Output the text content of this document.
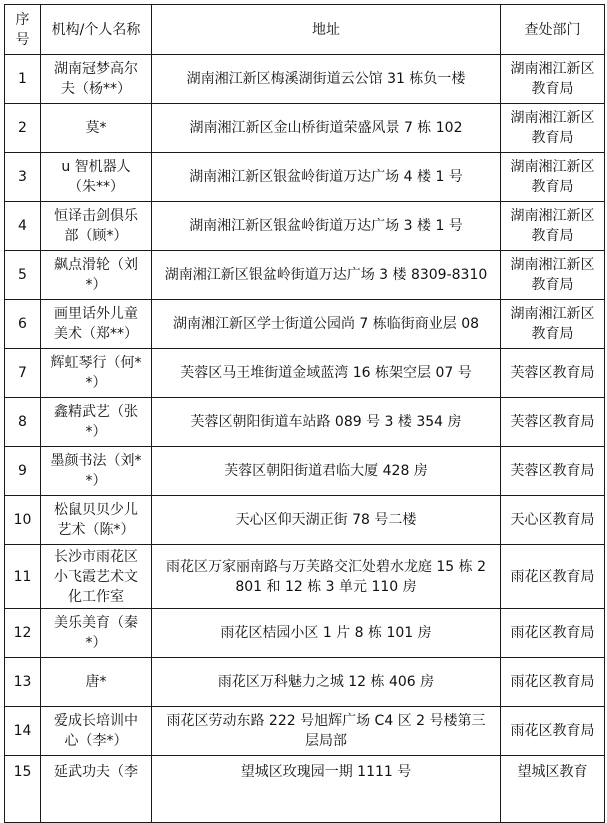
序号	机构/个人名称	地址	查处部门
1	湖南冠梦高尔夫（杨**）	湖南湘江新区梅溪湖街道云公馆 31 栋负一楼	湖南湘江新区教育局
2	莫*	湖南湘江新区金山桥街道荣盛风景 7 栋 102	湖南湘江新区教育局
3	u 智机器人（朱**）	湖南湘江新区银盆岭街道万达广场 4 楼 1 号	湖南湘江新区教育局
4	恒译击剑俱乐部（顾*）	湖南湘江新区银盆岭街道万达广场 3 楼 1 号	湖南湘江新区教育局
5	飙点滑轮（刘*）	湖南湘江新区银盆岭街道万达广场 3 楼 8309-8310	湖南湘江新区教育局
6	画里话外儿童美术（郑**）	湖南湘江新区学士街道公园尚 7 栋临街商业层 08	湖南湘江新区教育局
7	辉虹琴行（何**）	芙蓉区马王堆街道金域蓝湾 16 栋架空层 07 号	芙蓉区教育局
8	鑫精武艺（张*）	芙蓉区朝阳街道车站路 089 号 3 楼 354 房	芙蓉区教育局
9	墨颜书法（刘**）	芙蓉区朝阳街道君临大厦 428 房	芙蓉区教育局
10	松鼠贝贝少儿艺术（陈*）	天心区仰天湖正街 78 号二楼	天心区教育局
11	长沙市雨花区小飞霞艺术文化工作室	雨花区万家丽南路与万芙路交汇处碧水龙庭 15 栋 2801 和 12 栋 3 单元 110 房	雨花区教育局
12	美乐美育（秦*）	雨花区桔园小区 1 片 8 栋 101 房	雨花区教育局
13	唐*	雨花区万科魅力之城 12 栋 406 房	雨花区教育局
14	爱成长培训中心（李*）	雨花区劳动东路 222 号旭辉广场 C4 区 2 号楼第三层局部	雨花区教育局
15	延武功夫（李	望城区玫瑰园一期 1111 号	望城区教育
